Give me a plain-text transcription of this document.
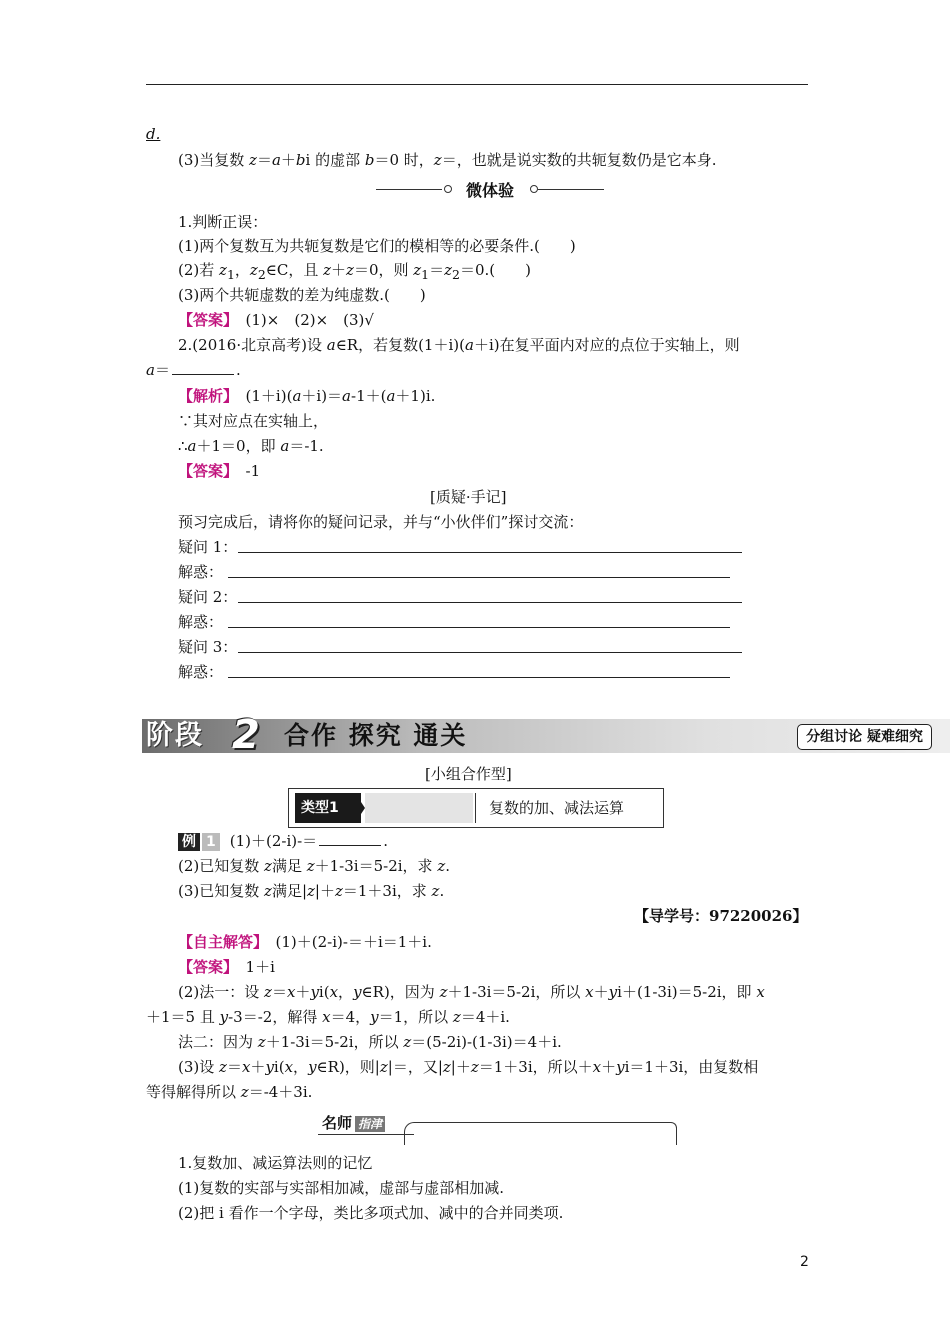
d.
(3)当复数 z＝a＋bi 的虚部 b＝0 时，z＝，也就是说实数的共轭复数仍是它本身.
微体验
1.判断正误：
(1)两个复数互为共轭复数是它们的模相等的必要条件.(　　)
(2)若 $z_1$，$z_2\in C$，且 z＋z＝0，则 $z_1=z_2=0$.(　　)
(3)两个共轭虚数的差为纯虚数.(　　)
【答案】　 (1)×　(2)×　(3)√
2.(2016·北京高考)设 a∈R，若复数(1＋i)(a＋i)在复平面内对应的点位于实轴上，则
a＝	.
【解析】　 (1＋i)(a＋i)＝a-1＋(a＋1)i.
∵其对应点在实轴上，
∴a＋1＝0，即 a＝-1.
【答案】　 -1
[质疑·手记]
预习完成后，请将你的疑问记录，并与“小伙伴们”探讨交流：
疑问 1：
解惑：
疑问 2：
解惑：
疑问 3：
解惑：
阶段 2 合作 探究 通关	分组讨论 疑难细究
[小组合作型]
类型1	复数的加、减法运算
例 1 (1)＋(2-i)-＝	.
(2)已知复数 z满足 z＋1-3i＝5-2i，求 z.
(3)已知复数 z满足|z|＋z＝1＋3i，求 z.
【导学号：97220026】
【自主解答】　 (1)＋(2-i)-＝＋i＝1＋i.
【答案】　 1＋i
(2)法一：设 z＝x＋yi(x，y∈R)，因为 z＋1-3i＝5-2i，所以 x＋yi＋(1-3i)＝5-2i，即 x
＋1＝5 且 y-3＝-2，解得 x＝4，y＝1，所以 z＝4＋i.
法二：因为 z＋1-3i＝5-2i，所以 z＝(5-2i)-(1-3i)＝4＋i.
(3)设 z＝x＋yi(x，y∈R)，则|z|＝，又|z|＋z＝1＋3i，所以＋x＋yi＝1＋3i，由复数相
等得解得所以 z＝-4＋3i.
名师 指津
1.复数加、减运算法则的记忆
(1)复数的实部与实部相加减，虚部与虚部相加减.
(2)把 i 看作一个字母，类比多项式加、减中的合并同类项.
2
